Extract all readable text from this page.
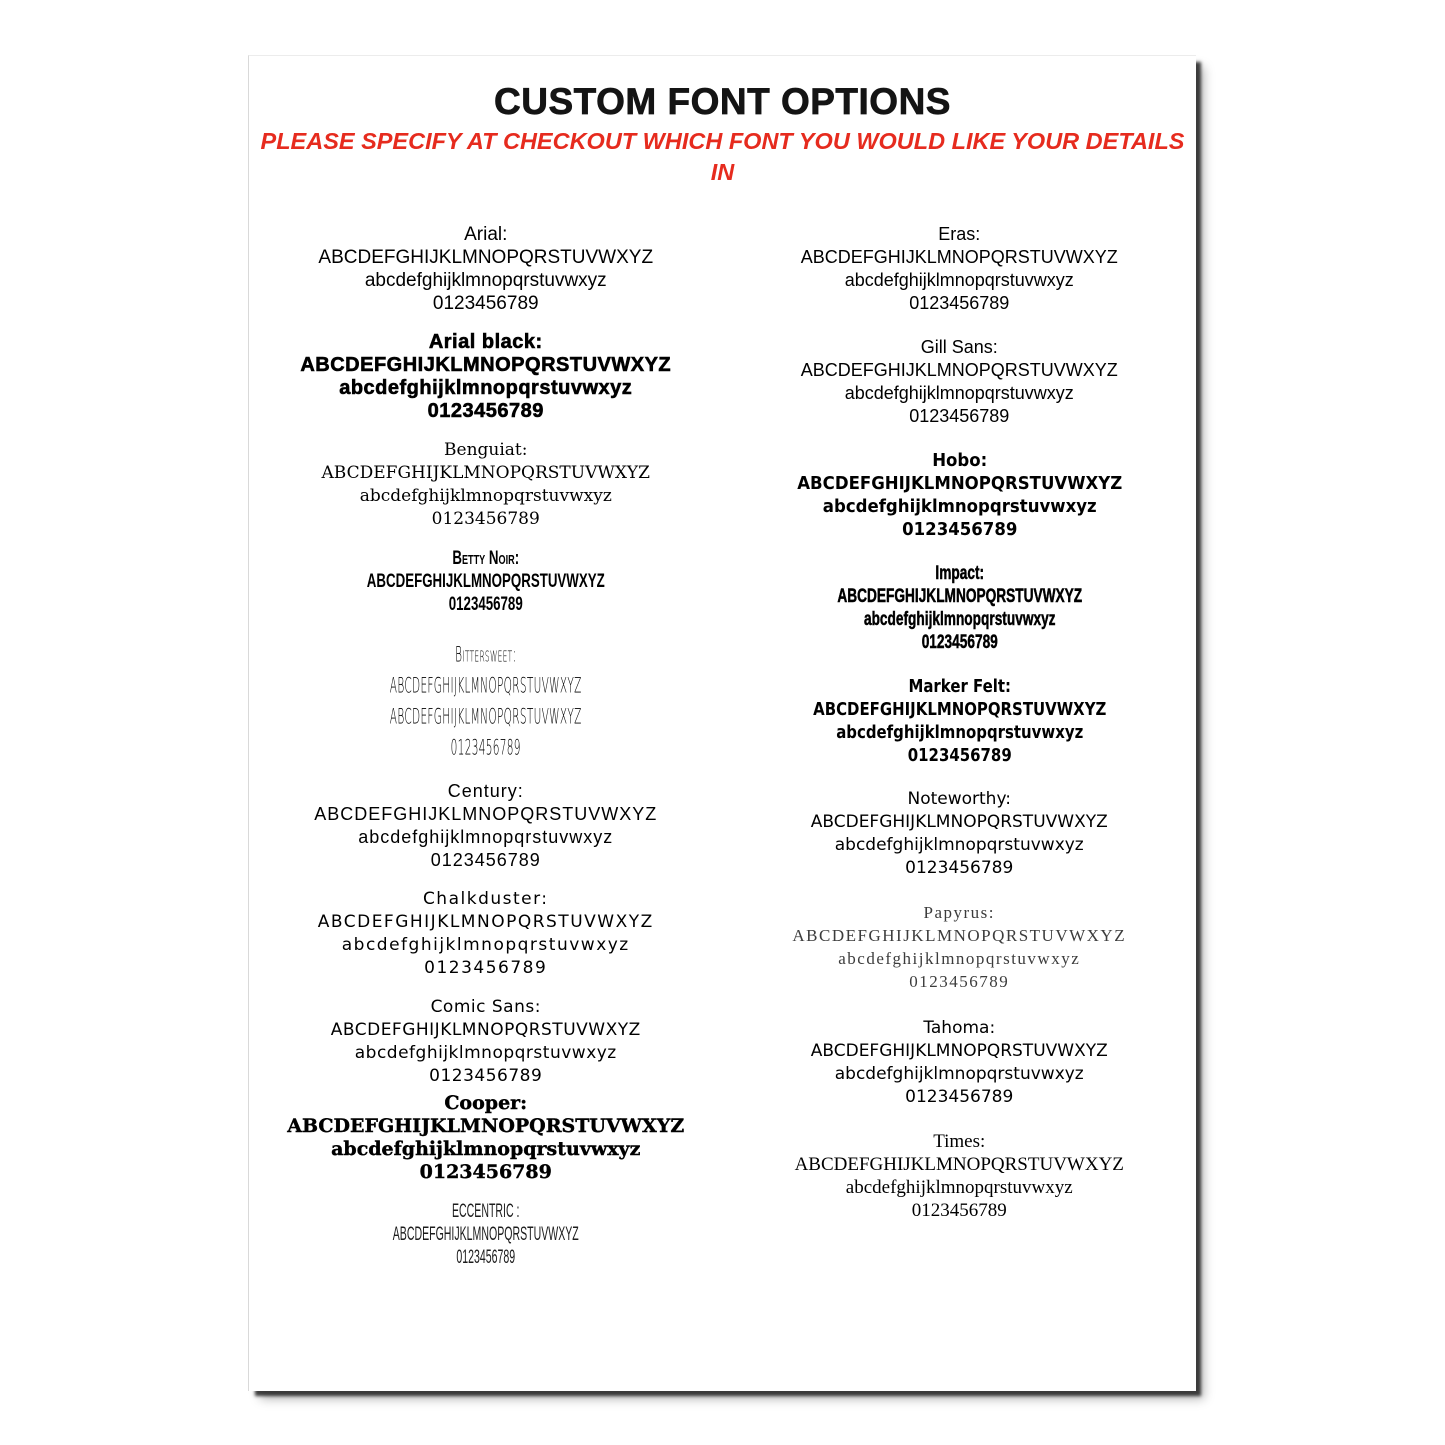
CUSTOM FONT OPTIONS
PLEASE SPECIFY AT CHECKOUT WHICH FONT YOU WOULD LIKE YOUR DETAILS IN
Arial:
ABCDEFGHIJKLMNOPQRSTUVWXYZ
abcdefghijklmnopqrstuvwxyz
0123456789
Arial black:
ABCDEFGHIJKLMNOPQRSTUVWXYZ
abcdefghijklmnopqrstuvwxyz
0123456789
Benguiat:
ABCDEFGHIJKLMNOPQRSTUVWXYZ
abcdefghijklmnopqrstuvwxyz
0123456789
Betty Noir:
ABCDEFGHIJKLMNOPQRSTUVWXYZ
0123456789
Bittersweet:
ABCDEFGHIJKLMNOPQRSTUVWXYZ
ABCDEFGHIJKLMNOPQRSTUVWXYZ
0123456789
Century:
ABCDEFGHIJKLMNOPQRSTUVWXYZ
abcdefghijklmnopqrstuvwxyz
0123456789
Chalkduster:
ABCDEFGHIJKLMNOPQRSTUVWXYZ
abcdefghijklmnopqrstuvwxyz
0123456789
Comic Sans:
ABCDEFGHIJKLMNOPQRSTUVWXYZ
abcdefghijklmnopqrstuvwxyz
0123456789
Cooper:
ABCDEFGHIJKLMNOPQRSTUVWXYZ
abcdefghijklmnopqrstuvwxyz
0123456789
ECCENTRIC :
ABCDEFGHIJKLMNOPQRSTUVWXYZ
0123456789
Eras:
ABCDEFGHIJKLMNOPQRSTUVWXYZ
abcdefghijklmnopqrstuvwxyz
0123456789
Gill Sans:
ABCDEFGHIJKLMNOPQRSTUVWXYZ
abcdefghijklmnopqrstuvwxyz
0123456789
Hobo:
ABCDEFGHIJKLMNOPQRSTUVWXYZ
abcdefghijklmnopqrstuvwxyz
0123456789
Impact:
ABCDEFGHIJKLMNOPQRSTUVWXYZ
abcdefghijklmnopqrstuvwxyz
0123456789
Marker Felt:
ABCDEFGHIJKLMNOPQRSTUVWXYZ
abcdefghijklmnopqrstuvwxyz
0123456789
Noteworthy:
ABCDEFGHIJKLMNOPQRSTUVWXYZ
abcdefghijklmnopqrstuvwxyz
0123456789
Papyrus:
ABCDEFGHIJKLMNOPQRSTUVWXYZ
abcdefghijklmnopqrstuvwxyz
0123456789
Tahoma:
ABCDEFGHIJKLMNOPQRSTUVWXYZ
abcdefghijklmnopqrstuvwxyz
0123456789
Times:
ABCDEFGHIJKLMNOPQRSTUVWXYZ
abcdefghijklmnopqrstuvwxyz
0123456789
